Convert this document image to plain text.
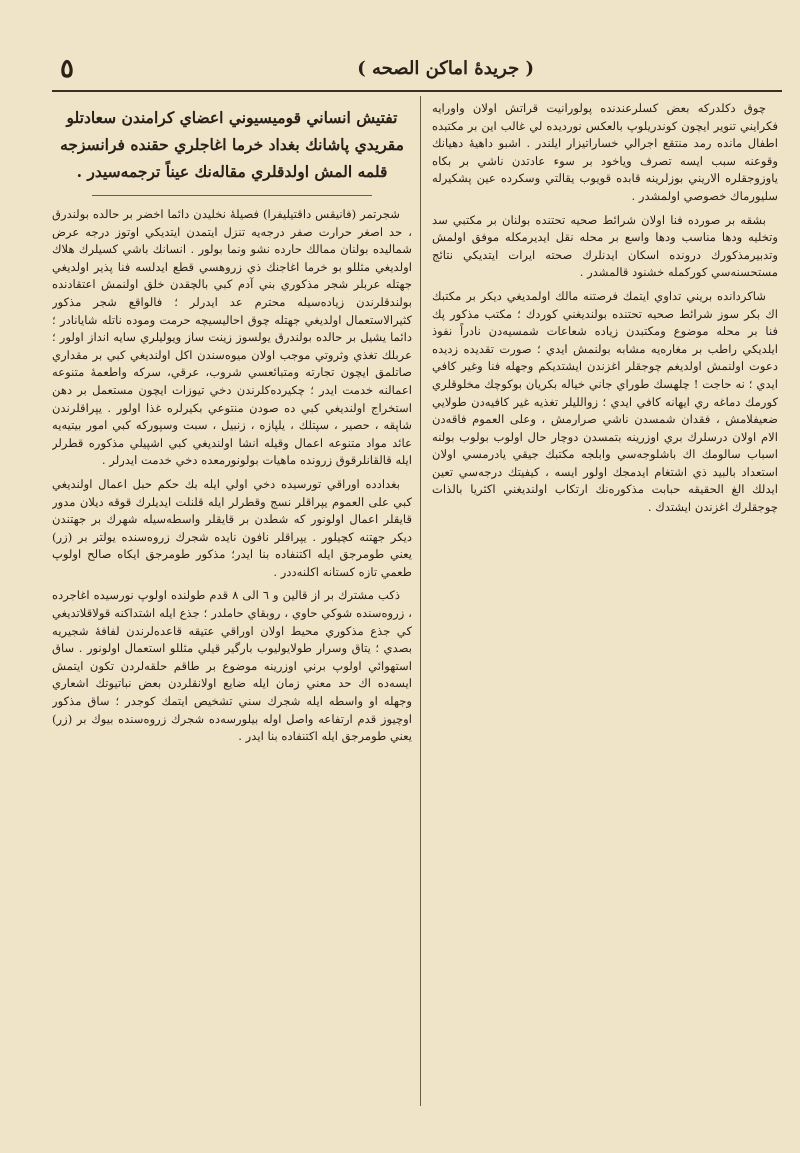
( جريدهٔ اماكن الصحه )
٥

چوق دكلدركه بعض كسلرعندنده پولورانيت قراتش اولان واورايه فكرايني تنوير ايچون كوندريلوپ بالعكس نورديده لي غالب اين بر مكتبده اطفال مانده رمد منتقع اجرالي خساراتيزار ايلندر . اشبو داهيهٔ دهيانك وقوعنه سبب ايسه تصرف وياخود بر سوء عادتدن ناشي بر بكاه ياوزوجقلره الاريني بوزلرينه قابده قويوب يقالتي وسكرده عين پشكيرله سليورماك خصوصي اولمشدر .

بشقه بر صورده فنا اولان شرائط صحيه تحتنده بولنان بر مكتبي سد وتخليه ودها مناسب ودها واسع بر محله نقل ايديرمكله موفق اولمش وتدبيرمذكورك درونده اسكان ايدنلرك صحته ايرات ايتديكي نتائج مستحسنه‌سي كوركمله خشنود قالمشدر .

شاكردانده بريني تداوي ايتمك فرصتنه مالك اولمديغي ديكر بر مكتبك اك بكر سوز شرائط صحيه تحتنده بولنديغني كوردك ؛ مكتب مذكور پك فنا بر محله موضوع ومكتبدن زياده شعاعات شمسيه‌دن نادراً نفوذ ايلديكي راطب بر مغاره‌يه مشابه بولنمش ايدي ؛ صورت تقديده زديده دعوت اولنمش اولديغم چوجقلر اغزندن ايشتديكم وجهله فنا وغير كافي ايدي ؛ نه حاجت ! چلهسك طوراي جاني خياله بكريان بوكوچك مخلوقلري كورمك دماغه ري ايهانه كافي ايدي ؛ زوالليلر تغذيه غير كافيه‌دن طولايي ضعيفلامش ، فقدان شمسدن ناشي صرارمش ، وعلى العموم فاقه‌دن الام اولان درسلرك بري اوزرينه بتمسدن دوچار حال اولوب بولوب بولنه اسباب سالومك اك باشلوجه‌سي وابلجه مكتبك جيقي يادرمسي اولان استعداد بالبيد ذي اشتغام ايدمجك اولور ايسه ، كيفيتك درجه‌سي تعين ايدلك الغ الحقيقه حبابت مذكوره‌نك ارتكاب اولنديغني اكثريا بالذات چوجقلرك اغزندن ايشتدك .

تفتيش انساني قوميسيوني اعضاي كرامندن سعادتلو مقريدي پاشانك بغداد خرما اغاجلري حقنده فرانسزجه قلمه المش اولدقلري مقاله‌نك عيناً ترجمه‌سيدر .

شجرتمر (فانيقس داقتيليفرا) فصيلهٔ نخليدن دائما اخضر بر حالده بولندرق ، حد اصغر حرارت صفر درجه‌يه تنزل ايتمدن ايتديكي اوتوز درجه عرض شماليده بولنان ممالك حارده نشو ونما بولور . انسانك باشي كسيلرك هلاك اولديغي مثللو بو خرما اغاجنك ذي زروهسي قطع ايدلسه فنا پذير اولديغي جهتله عربلر شجر مذكوري بني آدم كبي بالچقدن خلق اولنمش اعتقادنده بولندقلرندن زياده‌سيله محترم عد ايدرلر ؛ فالواقع شجر مذكور كثيرالاستعمال اولديغي جهتله چوق احاليسيچه حرمت وموده ناتله شايانادر ؛ دائما يشيل بر حالده بولندرق يولسوز زينت ساز ويوليلري سايه انداز اولور ؛ عربلك تغذي وثروتي موجب اولان ميوه‌سندن اكل اولنديغي كبي بر مقداري صاتلمق ايچون تجارته ومتبائعسي شروب، عرقي، سركه واطعمهٔ متنوعه اعمالنه خدمت ايدر ؛ چكيرده‌كلرندن دخي تيوزات ايچون مستعمل بر دهن استخراج اولنديغي كبي ده صودن منتوعي بكيرلره غذا اولور . يپراقلرندن شاپقه ، حصير ، سپتلك ، يلپازه ، زنبيل ، سبت وسپورکه كبي امور بيتيه‌يه عائد مواد متنوعه اعمال وقيله انشا اولنديغي كبي اشپيلي مذكوره قطرلر ايله قالقانلرقوق زرونده ماهيات بولونورمعده دخي خدمت ايدرلر .

بغدادده اوراقي تورسيده دخي اولي ايله بك حكم حبل اعمال اولنديغي كبي على العموم يپراقلر نسج وقطرلر ايله قلنلت ايديلرك قوقه ديلان مدور قايقلر اعمال اولونور كه شطدن بر قايقلر واسطه‌سيله شهرك بر جهتندن ديكر جهتنه كچيلور . يپراقلر نافون نايده شجرك زروه‌سنده يولتر بر (زر) يعني طومرجق ايله اكتنفاده بنا ايدر؛ مذكور طومرجق ايكاه صالح اولوپ طعمي تازه كستانه اكلنه‌ددر .

ذكب مشترك بر از قالين و ٦ الى ٨ قدم طولنده اولوپ نورسيده اغاجرده ، زروه‌سنده شوكي حاوي ، روبقاي حاملدر ؛ جذع ايله اشتداكنه قولاقلاتديغي كي جذع مذكوري محيط اولان اوراقي عتيقه قاعده‌لرندن لفافهٔ شجيريه بصدي ؛ يتاق وسرار طولايوليوب بارگير قيلي مثللو استعمال اولونور . ساق استهوائي اولوپ برني اوزرينه موضوع بر طاقم حلقه‌لردن تكون ايتمش ايسه‌ده اك حد معني زمان ايله ضايع اولانقلردن بعض نباتيوتك اشعاري وجهله او واسطه ايله شجرك سني تشخيص ايتمك كوجدر ؛ ساق مذكور اوچيوز قدم ارتفاعه واصل اوله بيلورسه‌ده شجرك زروه‌سنده بيوك بر (زر) يعني طومرجق ايله اكتنفاده بنا ايدر .
